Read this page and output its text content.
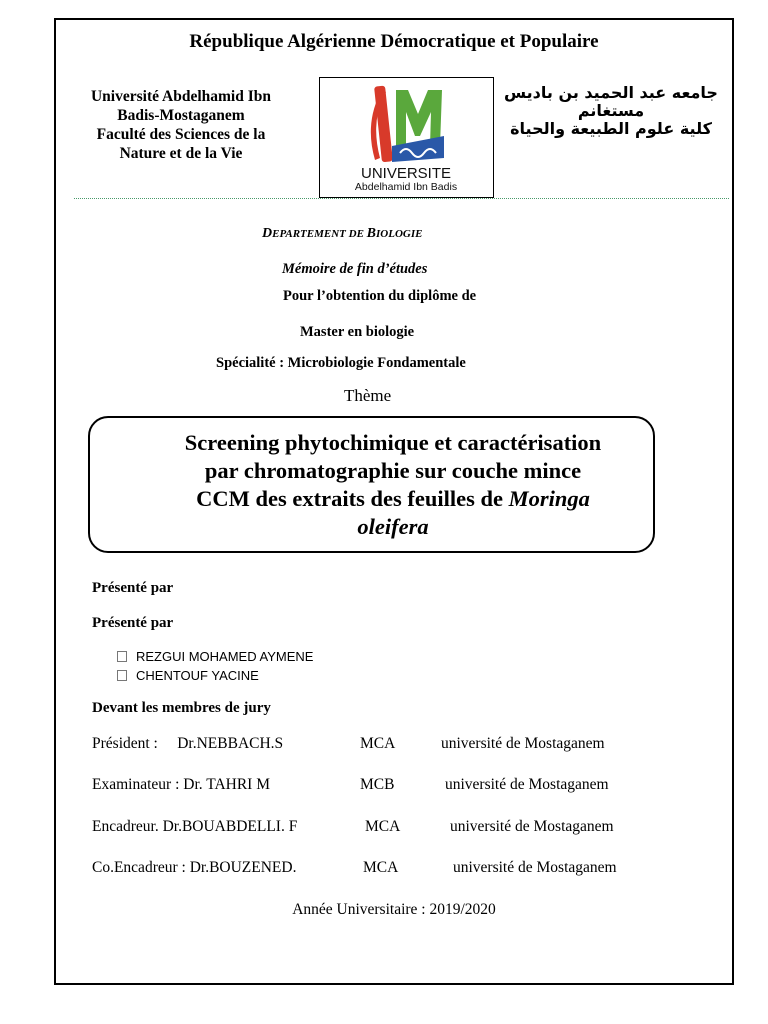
République Algérienne Démocratique et Populaire
Université Abdelhamid Ibn
Badis-Mostaganem
Faculté des Sciences de la
Nature et de la Vie
UNIVERSITE
Abdelhamid Ibn Badis
جامعه عبد الحميد بن باديس
مستغانم
كلية علوم الطبيعة والحياة
DEPARTEMENT DE BIOLOGIE
Mémoire de fin d’études
Pour l’obtention du diplôme de
Master en biologie
Spécialité : Microbiologie Fondamentale
Thème
Screening phytochimique et caractérisation
par chromatographie sur couche mince
CCM des extraits des feuilles de Moringa
oleifera
Présenté par
Présenté par
REZGUI MOHAMED AYMENE
CHENTOUF YACINE
Devant les membres de jury
Président :     Dr.NEBBACH.S	MCA	université de Mostaganem
Examinateur : Dr. TAHRI M	MCB	université de Mostaganem
Encadreur. Dr.BOUABDELLI. F	MCA	université de Mostaganem
Co.Encadreur : Dr.BOUZENED.	MCA	université de Mostaganem
Année Universitaire : 2019/2020
